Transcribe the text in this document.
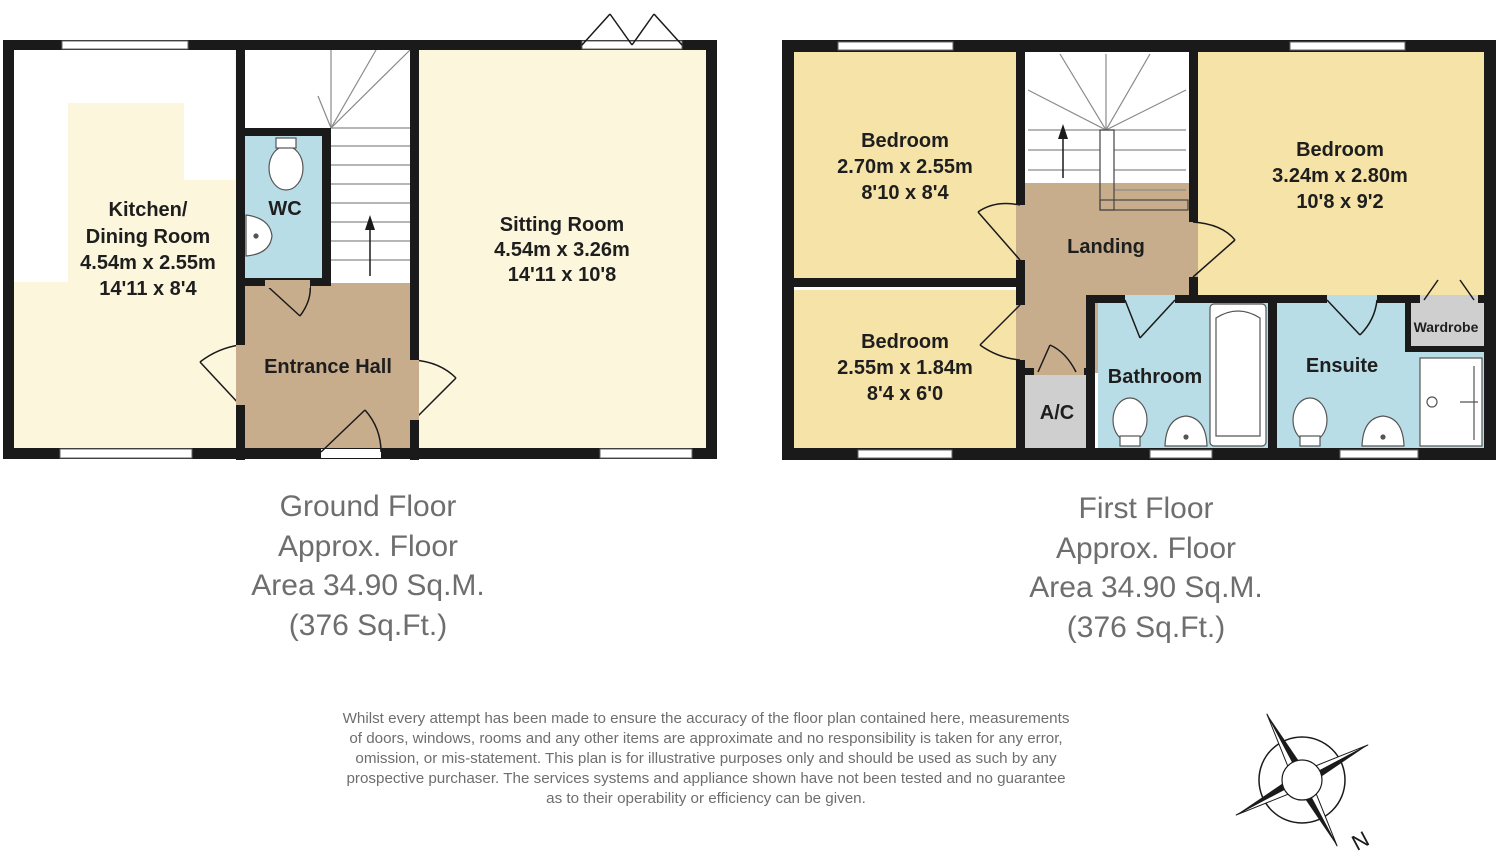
Kitchen/
Dining Room
4.54m x 2.55m
14'11 x 8'4
WC
Sitting Room
4.54m x 3.26m
14'11 x 10'8
Entrance Hall
Bedroom
2.70m x 2.55m
8'10 x 8'4
Bedroom
2.55m x 1.84m
8'4 x 6'0
Bedroom
3.24m x 2.80m
10'8 x 9'2
Landing
A/C
Bathroom	Ensuite
Wardrobe
N
Ground Floor
Approx. Floor
Area 34.90 Sq.M.
(376 Sq.Ft.)
First Floor
Approx. Floor
Area 34.90 Sq.M.
(376 Sq.Ft.)
Whilst every attempt has been made to ensure the accuracy of the floor plan contained here, measurements
of doors, windows, rooms and any other items are approximate and no responsibility is taken for any error,
omission, or mis-statement. This plan is for illustrative purposes only and should be used as such by any
prospective purchaser. The services systems and appliance shown have not been tested and no guarantee
as to their operability or efficiency can be given.
